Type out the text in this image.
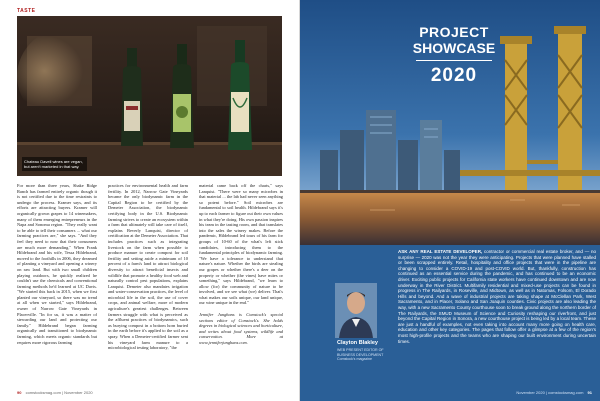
TASTE
Chateau Davell wines are vegan, but aren't marketed in that way.

For more than three years, Shake Ridge Ranch has farmed entirely organic though it is not certified due to the time restraints to undergo the process. Kramer says, and its efforts are attracting buyers. Kramer will organically grown grapes to 14 winemakers, many of them emerging entrepreneurs in the Napa and Sonoma region. "They really want to be able to tell their consumers ... what our farming practices are," she says. "And they feel they need to now that their consumers are much more demanding." When Frank Hildebrand and his wife, Tessa Hildebrand, moved to the foothills in 2006, they dreamed of planting a vineyard and opening a winery on raw land. But with two small children playing outdoors, he quickly realized he couldn't use the chemicals and conventional farming methods he'd learned at UC Davis. "We started this back in 2015, when we first planted our vineyard, so there was no trend at all when we started," says Hildebrand, owner of Narrow Gate Vineyards in Placerville. "In for us, it was a matter of stewarding our land and protecting our family." Hildebrand began farming organically and transitioned to biodynamic farming, which meets organic standards but requires more rigorous farming

practices for environmental health and farm fertility. In 2012, Narrow Gate Vineyards became the only biodynamic farm in the Capital Region to be certified by the Demeter Association, the biodynamic certifying body in the U.S. Biodynamic farming strives to create an ecosystem within a farm that ultimately will take care of itself, explains Beverly Lanquist, director of certification at the Demeter Association. That includes practices such as integrating livestock on the farm when possible to produce manure to create compost for soil fertility and setting aside a minimum of 10 percent of a farm's land to attract biological diversity to attract beneficial insects and wildlife that promote a healthy food web and naturally control pest populations, explains Lanquist. Demeter also mandates irrigation and water-conservation practices, the level of microbial life in the soil, the use of cover crops, and animal welfare, more of modern agriculture's greatest challenges. Between farmers struggle with what is perceived as the affluent practices of biodynamics, such as burying compost in a bottom horn buried in the earth before it's applied to the soil as a spray. When a Demeter-certified farmer sent his vineyard farm manure to a microbiological testing laboratory, "the

material came back off the charts," says Lanquist. "There were so many microbes in that material ... the lab had never seen anything so potent before." Soil microbes are fundamental to soil health. Hildebrand says it's up to each farmer to figure out their own values in what they're doing. His own passion inspires his team in the tasting room, and that translates into the sales the winery makes. Before the pandemic, Hildebrand led tours of his farm for groups of 10-60 of the what's left stick candidates, introducing them to the fundamental principles of biodynamic farming. "We have a tolerance to understand that nature's nature. Whether the birds are stealing our grapes or whether there's a deer on the property or whether (the vines) have mites or something," says Hildebrand, "we learn to allow (for) the community of nature to be involved, and we see what (we) deliver. That's what makes our soils unique, our land unique, our wine unique in the end."

Jennifer Junghans is Comstock's special sections editor of Comstock's. She holds degrees in biological sciences and horticulture, and writes about food systems, wildlife and conservation. More at www.jenniferjunghans.com.

90 comstocksmag.com | November 2020
PROJECT
SHOWCASE
2020
Clayton Blakley
WEB PRESENT EDITOR OF BUSINESS DEVELOPMENT Comstock's magazine
ASK ANY REAL ESTATE DEVELOPER, contractor or commercial real estate broker, and — no surprise — 2020 was not the year they were anticipating. Projects that were planned have stalled or been scrapped entirely. Retail, hospitality and office projects that were in the pipeline are changing to consider a COVID-19 and post-COVID world. But, thankfully, construction has continued as an essential service during the pandemic, and has continued to be an economic driver. Exciting public projects for California state workers have continued downtown and are now underway in the River District. Multifamily residential and mixed-use projects can be found in progress in The Railyards, in Roseville, and Midtown, as well as in Natomas, Folsom, El Dorado Hills and beyond. And a wave of industrial projects are taking shape at McClellan Park, West Sacramento, and in Placer, Solano and San Joaquin counties. Civic projects are also leading the way, with a new Sacramento County courthouse soon to break ground along the northern border of The Railyards, the SMUD Museum of Science and Curiosity reshaping our riverfront, and just beyond the Capital Region in Sonora, a new courthouse project is being led by a local team. These are just a handful of examples, not even taking into account many more going on health care, education and other key categories. The pages that follow offer a glimpse at a few of the region's most high-profile projects and the teams who are shaping our built environment during uncertain times.
November 2020 | comstocksmag.com 91
